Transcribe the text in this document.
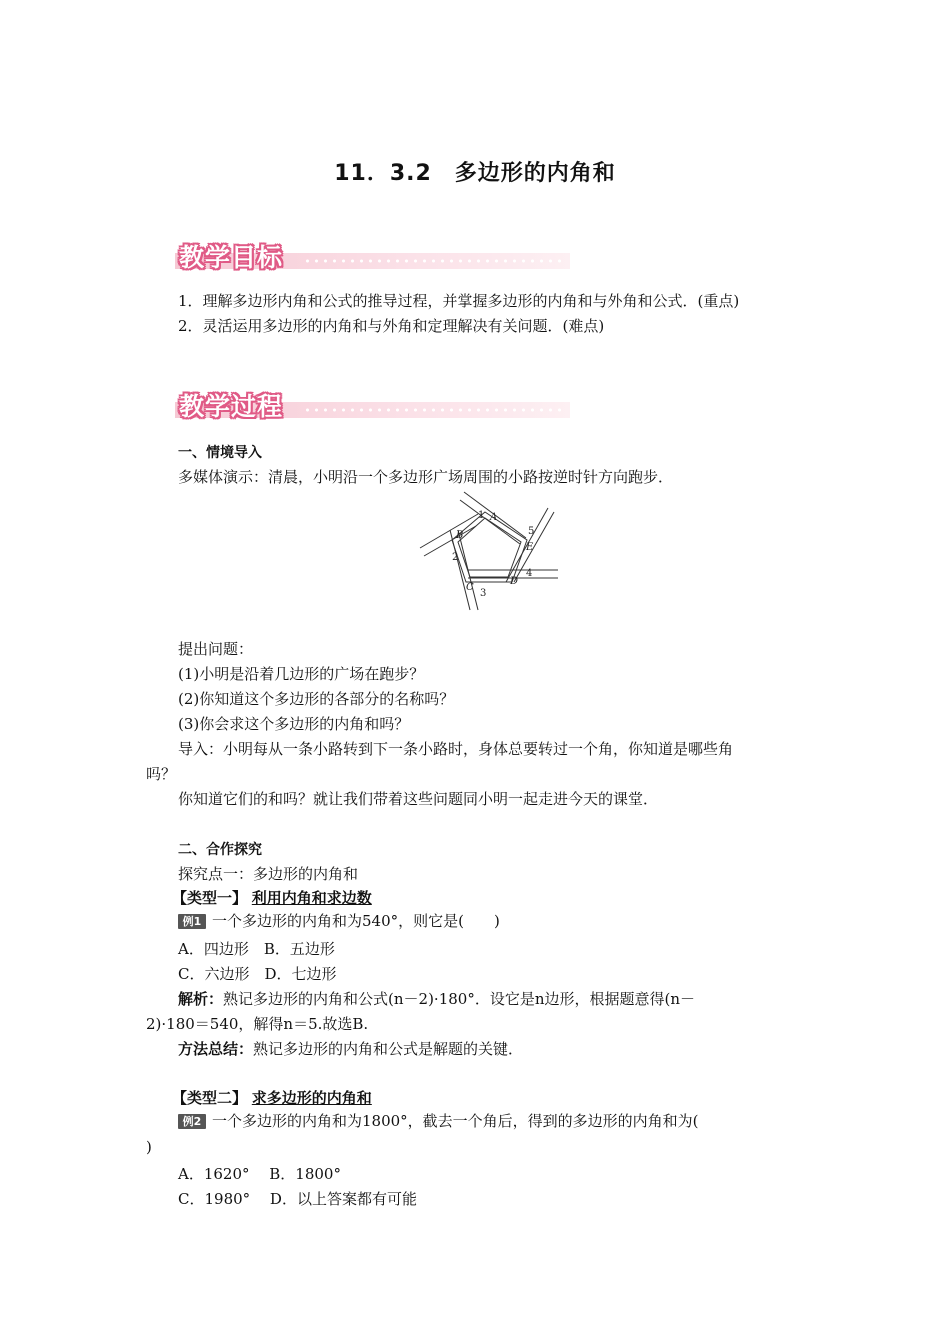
11．3.2　多边形的内角和
教学目标
1．理解多边形内角和公式的推导过程，并掌握多边形的内角和与外角和公式．(重点)
2．灵活运用多边形的内角和与外角和定理解决有关问题．(难点)
教学过程
一、情境导入
多媒体演示：清晨，小明沿一个多边形广场周围的小路按逆时针方向跑步．
A
B
C
D
E
1
2
3
4
5
提出问题：
(1)小明是沿着几边形的广场在跑步？
(2)你知道这个多边形的各部分的名称吗？
(3)你会求这个多边形的内角和吗？
导入：小明每从一条小路转到下一条小路时，身体总要转过一个角，你知道是哪些角
吗？
你知道它们的和吗？就让我们带着这些问题同小明一起走进今天的课堂．
二、合作探究
探究点一：多边形的内角和
【类型一】 利用内角和求边数
例1 一个多边形的内角和为540°，则它是(　　)
A．四边形　B．五边形
C．六边形　D．七边形
解析：熟记多边形的内角和公式(n－2)·180°．设它是n边形，根据题意得(n－
2)·180＝540，解得n＝5.故选B.
方法总结：熟记多边形的内角和公式是解题的关键．
【类型二】 求多边形的内角和
例2 一个多边形的内角和为1800°，截去一个角后，得到的多边形的内角和为(
)
A．1620°　 B．1800°
C．1980°　 D．以上答案都有可能
